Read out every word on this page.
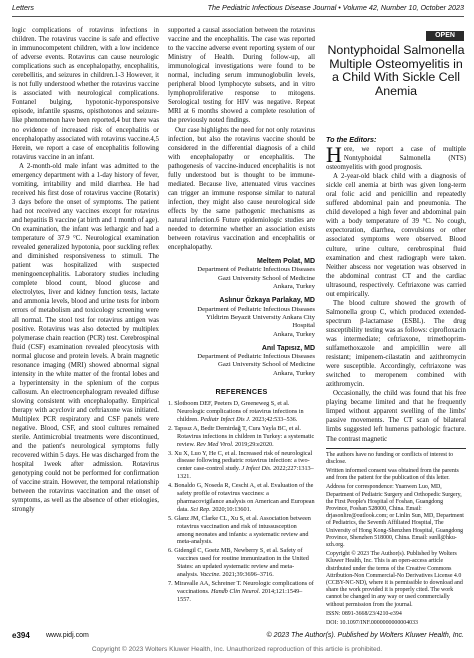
Letters	The Pediatric Infectious Disease Journal • Volume 42, Number 10, October 2023

logic complications of rotavirus infections in children. The rotavirus vaccine is safe and effective in immunocompetent children, with a low incidence of adverse events. Rotavirus can cause neurologic complications such as encephalopathy, encephalitis, cerebellitis, and seizures in children.1-3 However, it is not fully understood whether the rotavirus vaccine is associated with neurological complications. Fontanel bulging, hypotonic-hyporesponsive episode, infantile spasms, opisthotonos and seizure-like phenomenon have been reported,4 but there was no evidence of increased risk of encephalitis or encephalopathy associated with rotavirus vaccine.4,5 Herein, we report a case of encephalitis following rotavirus vaccine in an infant.

A 2-month-old male infant was admitted to the emergency department with a 1-day history of fever, vomiting, irritability and mild diarrhea. He had received his first dose of rotavirus vaccine (Rotarix) 3 days before the onset of symptoms. The patient had not received any vaccines except for rotavirus and hepatitis B vaccine (at birth and 1 month of age). On examination, the infant was lethargic and had a temperature of 37.9 °C. Neurological examination revealed generalized hypotonia, poor suckling reflex and diminished responsiveness to stimuli. The patient was hospitalized with suspected meningoencephalitis. Laboratory studies including complete blood count, blood glucose and electrolytes, liver and kidney function tests, lactate and ammonia levels, blood and urine tests for inborn errors of metabolism and toxicology screening were all normal. The stool test for rotavirus antigen was positive. Rotavirus was also detected by multiplex polymerase chain reaction (PCR) test. Cerebrospinal fluid (CSF) examination revealed pleocytosis with normal glucose and protein levels. A brain magnetic resonance imaging (MRI) showed abnormal signal intensity in the white matter of the frontal lobes and a hyperintensity in the splenium of the corpus callosum. An electroencephalogram revealed diffuse slowing consistent with encephalopathy. Empirical therapy with acyclovir and ceftriaxone was initiated. Multiplex PCR respiratory and CSF panels were negative. Blood, CSF, and stool cultures remained sterile. Antimicrobial treatments were discontinued, and the patient's neurological symptoms fully recovered within 5 days. He was discharged from the hospital 1week after admission. Rotavirus genotyping could not be performed for confirmation of vaccine strain. However, the temporal relationship between the rotavirus vaccination and the onset of symptoms, as well as the absence of other etiologies, strongly

supported a causal association between the rotavirus vaccine and the encephalitis. The case was reported to the vaccine adverse event reporting system of our Ministry of Health. During follow-up, all immunological investigations were found to be normal, including serum immunoglobulin levels, peripheral blood lymphocyte subsets, and in vitro lymphoproliferative response to mitogens. Serological testing for HIV was negative. Repeat MRI at 6 months showed a complete resolution of the previously noted findings.

Our case highlights the need for not only rotavirus infection, but also the rotavirus vaccine should be considered in the differential diagnosis of a child with encephalopathy or encephalitis. The pathogenesis of vaccine-induced encephalitis is not fully understood but is thought to be immune-mediated. Because live, attenuated virus vaccines can trigger an immune response similar to natural infection, they might also cause neurological side effects by the same pathogenic mechanisms as natural infection.6 Future epidemiologic studies are needed to determine whether an association exists between rotavirus vaccination and encephalitis or encephalopathy.

Meltem Polat, MD
Department of Pediatric Infectious Diseases
Gazi University School of Medicine
Ankara, Turkey
Aslınur Özkaya Parlakay, MD
Department of Pediatric Infectious Diseases
Yildirim Beyazit University Ankara City
Hospital
Ankara, Turkey
Anıl Tapısız, MD
Department of Pediatric Infectious Diseases
Gazi University School of Medicine
Ankara, Turkey
REFERENCES
1. Slotboom DEF, Peeters D, Greeneweg S, et al. Neurologic complications of rotavirus infections in children. Pediatr Infect Dis J. 2023;42:533–536.
2. Tapısız A, Bedir Demirdağ T, Cura Yayla BC, et al. Rotavirus infections in children in Turkey: a systematic review. Rev Med Virol. 2019;29:e2020.
3. Xu X, Luo Y, He C, et al. Increased risk of neurological disease following pediatric rotavirus infection: a two-center case-control study. J Infect Dis. 2022;227:1313–1321.
4. Bonaldo G, Noseda R, Ceschi A, et al. Evaluation of the safety profile of rotavirus vaccines: a pharmacovigilance analysis on American and European data. Sci Rep. 2020;10:13601.
5. Glanz JM, Clarke CL, Xu S, et al. Association between rotavirus vaccination and risk of intussusception among neonates and infants: a systematic review and meta-analysis.
6. Gidengil C, Goetz MB, Newberry S, et al. Safety of vaccines used for routine immunization in the United States: an updated systematic review and meta-analysis. Vaccine. 2021;39:3696–3716.
7. Miravalle AA, Schreiner T. Neurologic complications of vaccinations. Handb Clin Neurol. 2014;121:1549–1557.
OPEN
Nontyphoidal Salmonella Multiple Osteomyelitis in a Child With Sickle Cell Anemia
To the Editors:

Here, we report a case of multiple Nontyphoidal Salmonella (NTS) osteomyelitis with good prognosis.

A 2-year-old black child with a diagnosis of sickle cell anemia at birth was given long-term oral folic acid and penicillin and repeatedly suffered abdominal pain and pneumonia. The child developed a high fever and abdominal pain with a body temperature of 39 °C. No cough, expectoration, diarrhea, convulsions or other associated symptoms were observed. Blood culture, urine culture, cerebrospinal fluid examination and chest radiograph were taken. Neither abscess nor vegetation was observed in the abdominal contrast CT and the cardiac ultrasound, respectively. Ceftriaxone was carried out empirically.

The blood culture showed the growth of Salmonella group C, which produced extended-spectrum β-lactamase (ESBL). The drug susceptibility testing was as follows: ciprofloxacin was intermediate; ceftriaxone, trimethoprim-sulfamethoxazole and ampicillin were all resistant; imipenem-cilastatin and azithromycin were susceptible. Accordingly, ceftriaxone was switched to meropenem combined with azithromycin.

Occasionally, the child was found that his free playing became limited and that he frequently limped without apparent swelling of the limbs' passive movements. The CT scan of bilateral limbs suggested left humerus pathologic fracture. The contrast magnetic

The authors have no funding or conflicts of interest to disclose.

Written informed consent was obtained from the parents and from the patient for the publication of this letter.

Address for correspondence: Yuanwen Luo, MD, Department of Pediatric Surgery and Orthopedic Surgery, the First People's Hospital of Foshan, Guangdong Province, Foshan 528000, China. Email: drjasonlire@outlook.com; or Linlin Sun, MD, Department of Pediatrics, the Seventh Affiliated Hospital, The University of Hong Kong-Shenzhen Hospital, Guangdong Province, Shenzhen 518000, China. Email: sunll@hku-szh.org.

Copyright © 2023 The Author(s). Published by Wolters Kluwer Health, Inc. This is an open-access article distributed under the terms of the Creative Commons Attribution-Non Commercial-No Derivatives License 4.0 (CCBY-NC-ND), where it is permissible to download and share the work provided it is properly cited. The work cannot be changed in any way or used commercially without permission from the journal.

ISSN: 0891-3668/23/4210-e394

DOI: 10.1097/INF.0000000000004033

e394 www.pidj.com	© 2023 The Author(s). Published by Wolters Kluwer Health, Inc.
Copyright © 2023 Wolters Kluwer Health, Inc. Unauthorized reproduction of this article is prohibited.
